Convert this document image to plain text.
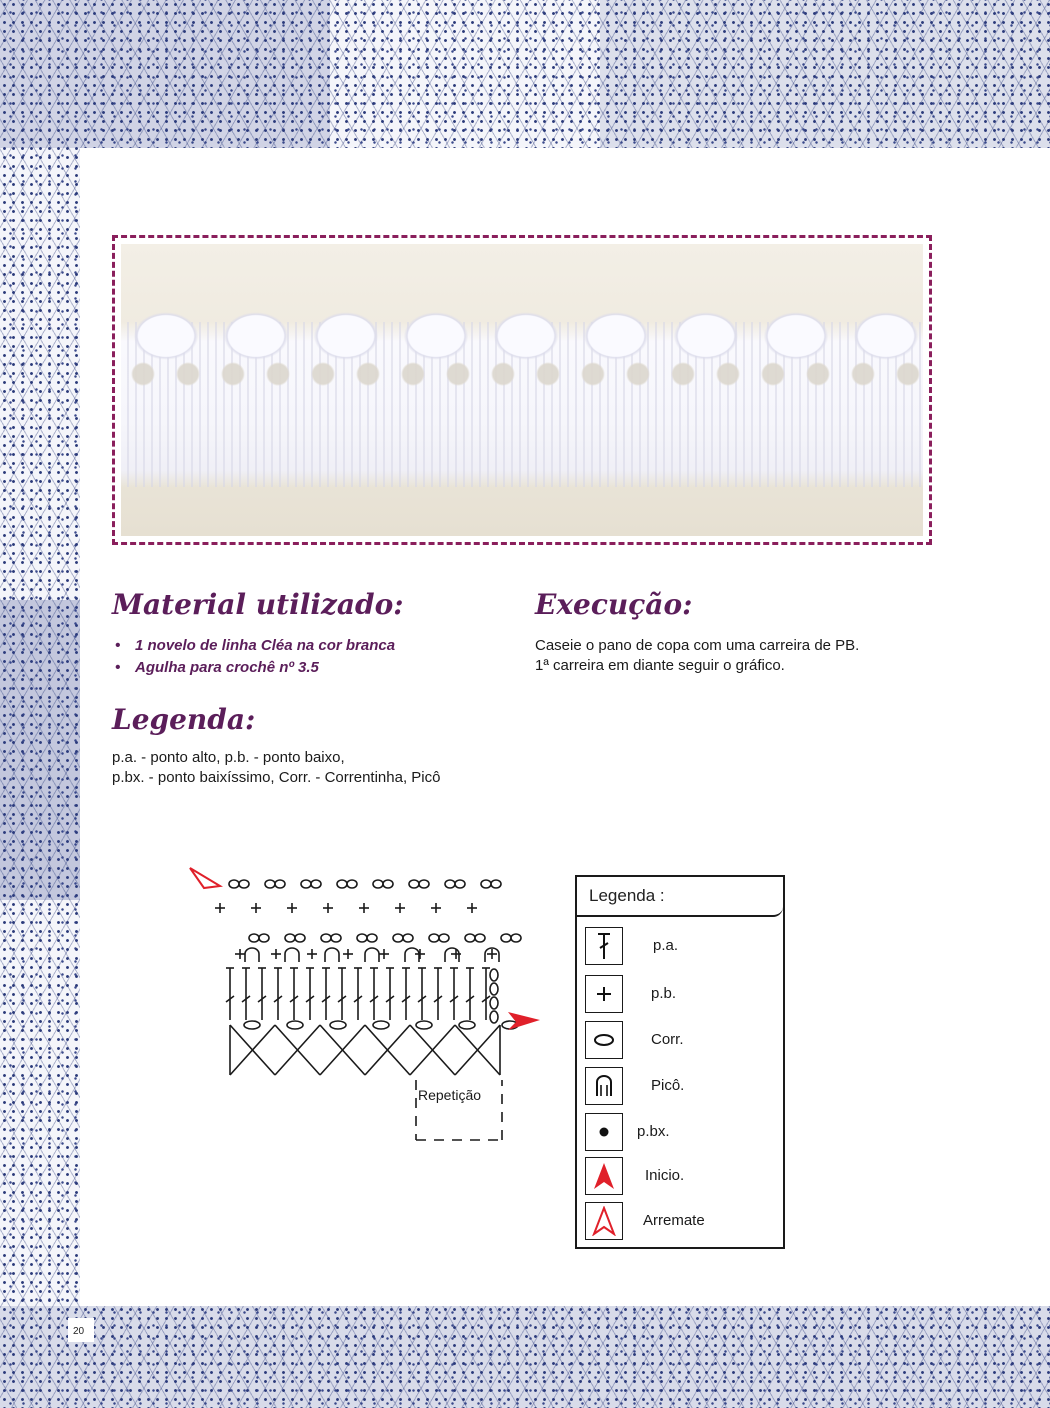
Material utilizado:
• 1 novelo de linha Cléa na cor branca
• Agulha para crochê nº 3.5
Execução:

Caseie o pano de copa com uma carreira de PB.

1ª carreira em diante seguir o gráfico.

Legenda:

p.a. - ponto alto, p.b. - ponto baixo,

p.bx. - ponto baixíssimo, Corr. - Correntinha, Picô

Repetição
Legenda :
p.a.
p.b.
Corr.
Picô.
p.bx.
Inicio.
Arremate
20
